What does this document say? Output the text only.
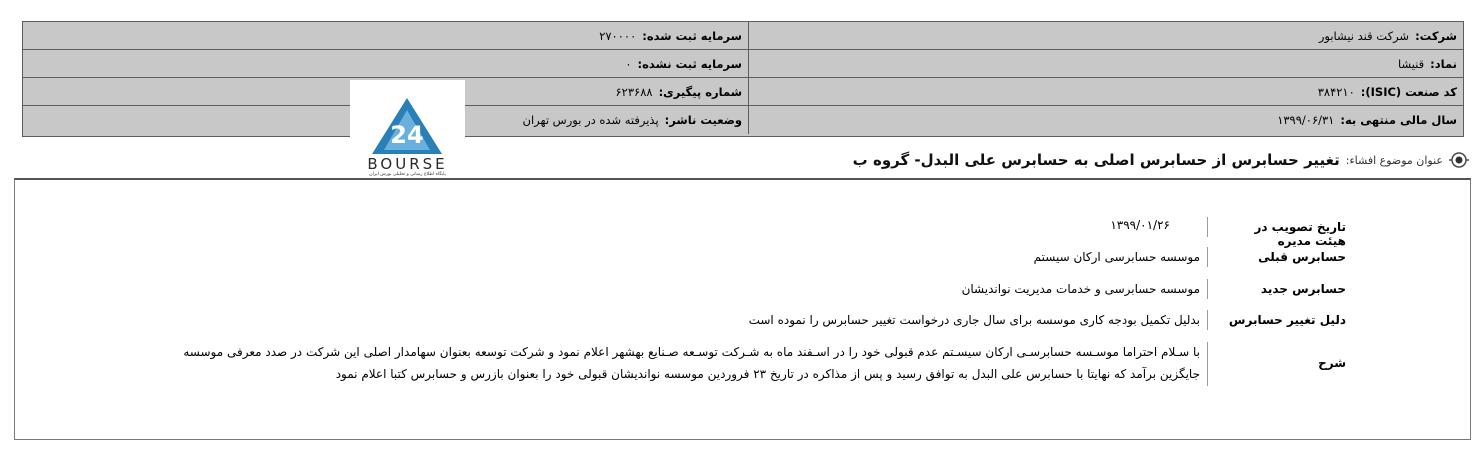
شرکت:شرکت قند نیشابور
سرمایه ثبت شده:۲۷۰۰۰۰
نماد:قنیشا
سرمایه ثبت نشده:۰
کد صنعت (ISIC):۳۸۴۲۱۰
شماره پیگیری:۶۲۳۶۸۸
سال مالی منتهی به:۱۳۹۹/۰۶/۳۱
وضعیت ناشر:پذیرفته شده در بورس تهران
24
BOURSE
پایگاه اطلاع رسانی و تحلیلی بورس ایران
عنوان موضوع افشاء:
تغییر حسابرس از حسابرس اصلی به حسابرس علی البدل- گروه ب
تاریخ تصویب در هیئت مدیره
۱۳۹۹/۰۱/۲۶
حسابرس قبلی
موسسه حسابرسی ارکان سیستم
حسابرس جدید
موسسه حسابرسی و خدمات مدیریت نواندیشان
دلیل تغییر حسابرس
بدلیل تکمیل بودجه کاری موسسه برای سال جاری درخواست تغییر حسابرس را نموده است
شرح
با سـلام احتراما موسـسه حسابرسـی ارکان سیسـتم عدم قبولی خود را در اسـفند ماه به شـرکت توسـعه صـنایع بهشهر اعلام نمود و شرکت توسعه بعنوان سهامدار اصلی این شرکت در صدد معرفی موسسه
جایگزین برآمد که نهایتا با حسابرس علی البدل به توافق رسید و پس از مذاکره در تاریخ ۲۳ فروردین موسسه نواندیشان قبولی خود را بعنوان بازرس و حسابرس کتبا اعلام نمود
